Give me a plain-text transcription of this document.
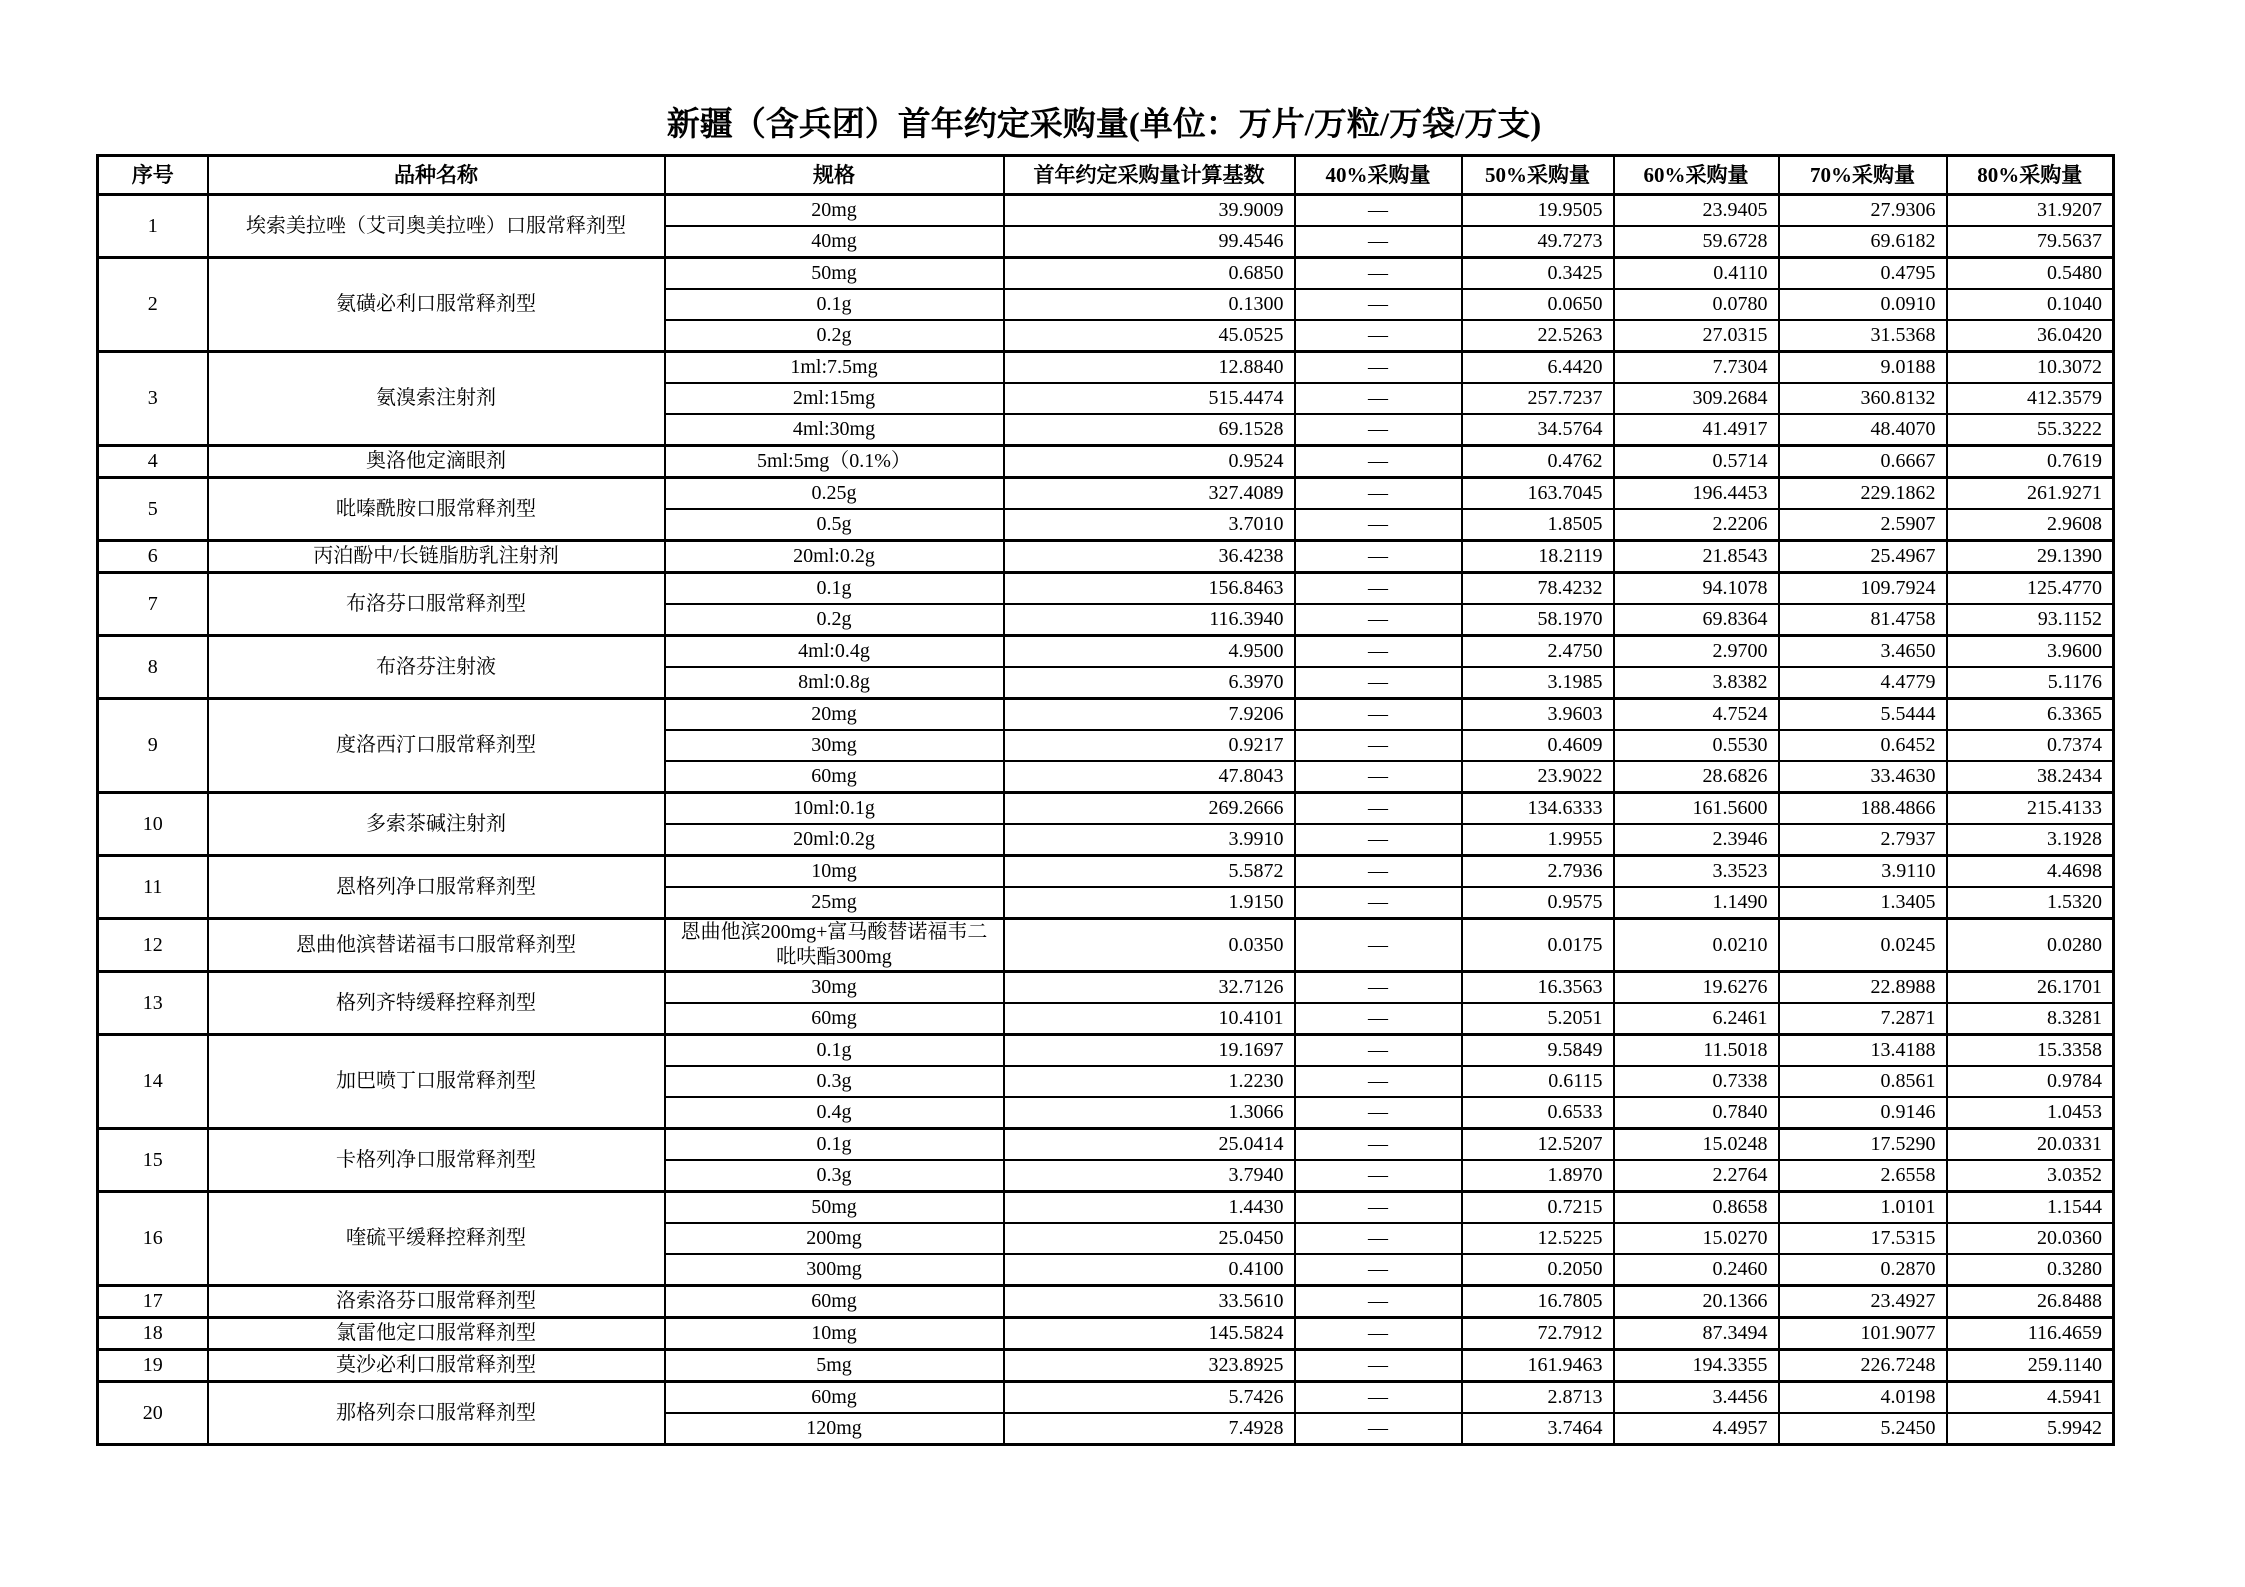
新疆（含兵团）首年约定采购量(单位：万片/万粒/万袋/万支)
序号	品种名称	规格	首年约定采购量计算基数	40%采购量	50%采购量	60%采购量	70%采购量	80%采购量
1	埃索美拉唑（艾司奥美拉唑）口服常释剂型	20mg	39.9009	—	19.9505	23.9405	27.9306	31.9207
		40mg	99.4546	—	49.7273	59.6728	69.6182	79.5637
2	氨磺必利口服常释剂型	50mg	0.6850	—	0.3425	0.4110	0.4795	0.5480
		0.1g	0.1300	—	0.0650	0.0780	0.0910	0.1040
		0.2g	45.0525	—	22.5263	27.0315	31.5368	36.0420
3	氨溴索注射剂	1ml:7.5mg	12.8840	—	6.4420	7.7304	9.0188	10.3072
		2ml:15mg	515.4474	—	257.7237	309.2684	360.8132	412.3579
		4ml:30mg	69.1528	—	34.5764	41.4917	48.4070	55.3222
4	奥洛他定滴眼剂	5ml:5mg（0.1%）	0.9524	—	0.4762	0.5714	0.6667	0.7619
5	吡嗪酰胺口服常释剂型	0.25g	327.4089	—	163.7045	196.4453	229.1862	261.9271
		0.5g	3.7010	—	1.8505	2.2206	2.5907	2.9608
6	丙泊酚中/长链脂肪乳注射剂	20ml:0.2g	36.4238	—	18.2119	21.8543	25.4967	29.1390
7	布洛芬口服常释剂型	0.1g	156.8463	—	78.4232	94.1078	109.7924	125.4770
		0.2g	116.3940	—	58.1970	69.8364	81.4758	93.1152
8	布洛芬注射液	4ml:0.4g	4.9500	—	2.4750	2.9700	3.4650	3.9600
		8ml:0.8g	6.3970	—	3.1985	3.8382	4.4779	5.1176
9	度洛西汀口服常释剂型	20mg	7.9206	—	3.9603	4.7524	5.5444	6.3365
		30mg	0.9217	—	0.4609	0.5530	0.6452	0.7374
		60mg	47.8043	—	23.9022	28.6826	33.4630	38.2434
10	多索茶碱注射剂	10ml:0.1g	269.2666	—	134.6333	161.5600	188.4866	215.4133
		20ml:0.2g	3.9910	—	1.9955	2.3946	2.7937	3.1928
11	恩格列净口服常释剂型	10mg	5.5872	—	2.7936	3.3523	3.9110	4.4698
		25mg	1.9150	—	0.9575	1.1490	1.3405	1.5320
12	恩曲他滨替诺福韦口服常释剂型	恩曲他滨200mg+富马酸替诺福韦二吡呋酯300mg	0.0350	—	0.0175	0.0210	0.0245	0.0280
13	格列齐特缓释控释剂型	30mg	32.7126	—	16.3563	19.6276	22.8988	26.1701
		60mg	10.4101	—	5.2051	6.2461	7.2871	8.3281
14	加巴喷丁口服常释剂型	0.1g	19.1697	—	9.5849	11.5018	13.4188	15.3358
		0.3g	1.2230	—	0.6115	0.7338	0.8561	0.9784
		0.4g	1.3066	—	0.6533	0.7840	0.9146	1.0453
15	卡格列净口服常释剂型	0.1g	25.0414	—	12.5207	15.0248	17.5290	20.0331
		0.3g	3.7940	—	1.8970	2.2764	2.6558	3.0352
16	喹硫平缓释控释剂型	50mg	1.4430	—	0.7215	0.8658	1.0101	1.1544
		200mg	25.0450	—	12.5225	15.0270	17.5315	20.0360
		300mg	0.4100	—	0.2050	0.2460	0.2870	0.3280
17	洛索洛芬口服常释剂型	60mg	33.5610	—	16.7805	20.1366	23.4927	26.8488
18	氯雷他定口服常释剂型	10mg	145.5824	—	72.7912	87.3494	101.9077	116.4659
19	莫沙必利口服常释剂型	5mg	323.8925	—	161.9463	194.3355	226.7248	259.1140
20	那格列奈口服常释剂型	60mg	5.7426	—	2.8713	3.4456	4.0198	4.5941
		120mg	7.4928	—	3.7464	4.4957	5.2450	5.9942
